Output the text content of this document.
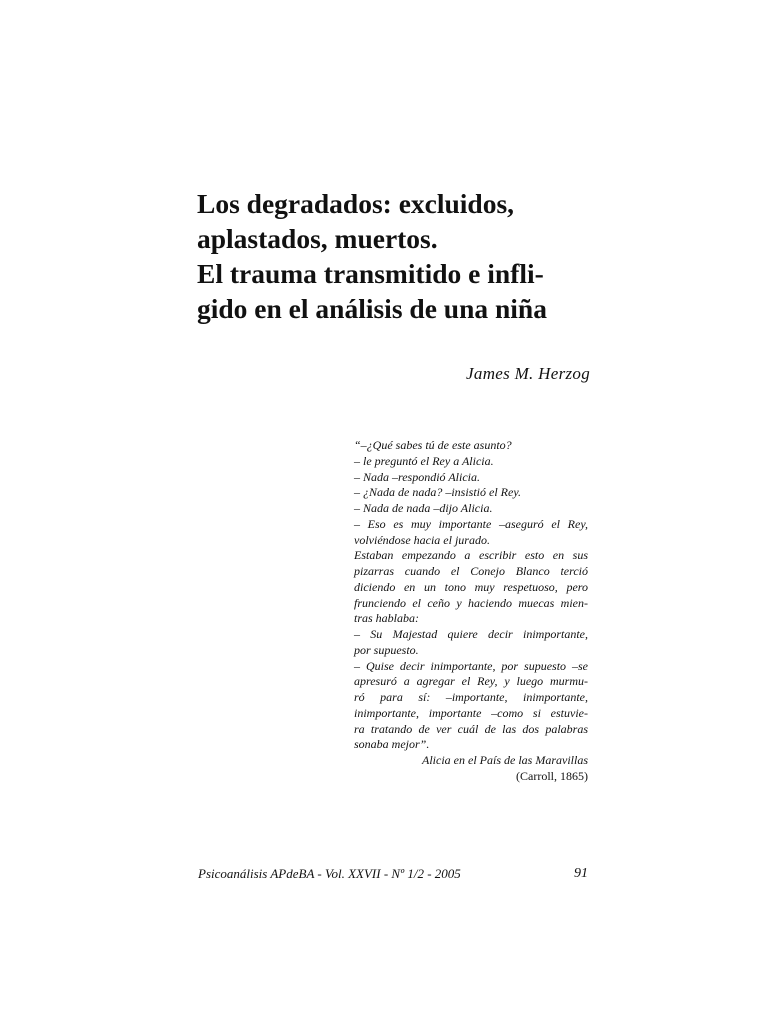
Los degradados: excluidos,
aplastados, muertos.
El trauma transmitido e infli-
gido en el análisis de una niña
James M. Herzog
“–¿Qué sabes tú de este asunto?
– le preguntó el Rey a Alicia.
– Nada –respondió Alicia.
– ¿Nada de nada? –insistió el Rey.
– Nada de nada –dijo Alicia.
– Eso es muy importante –aseguró el Rey,
volviéndose hacia el jurado.
Estaban empezando a escribir esto en sus
pizarras cuando el Conejo Blanco terció
diciendo en un tono muy respetuoso, pero
frunciendo el ceño y haciendo muecas mien-
tras hablaba:
– Su Majestad quiere decir inimportante,
por supuesto.
– Quise decir inimportante, por supuesto –se
apresuró a agregar el Rey, y luego murmu-
ró para sí: –importante, inimportante,
inimportante, importante –como si estuvie-
ra tratando de ver cuál de las dos palabras
sonaba mejor”.
Alicia en el País de las Maravillas
(Carroll, 1865)
Psicoanálisis APdeBA - Vol. XXVII - Nº 1/2 - 2005	91
